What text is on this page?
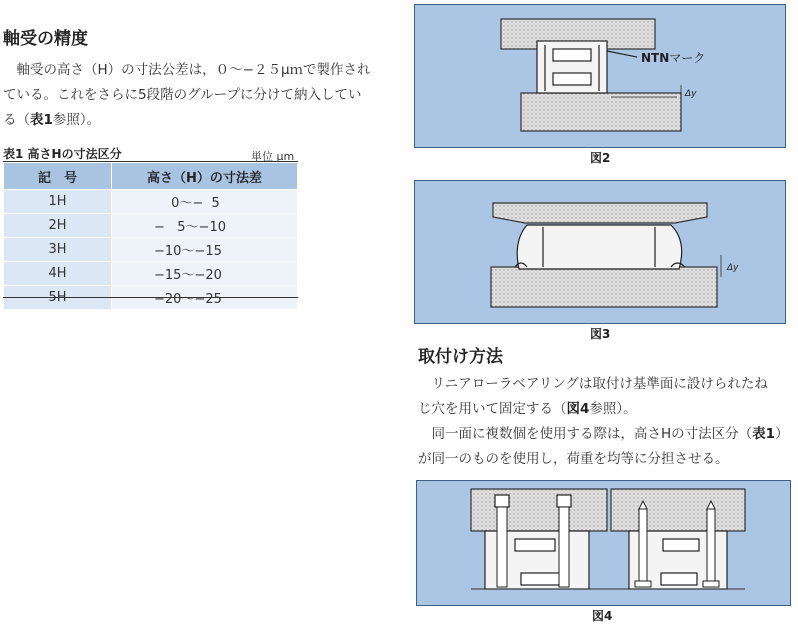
軸受の精度
　軸受の高さ（H）の寸法公差は，０〜−２５μｍで製作され
ている。これをさらに5段階のグループに分けて納入してい
る（表1参照）。
表1 高さHの寸法区分	単位 μm
記　号	高さ（H）の寸法差
1H	　 0〜−  5
2H	−   5〜−10
3H	−10〜−15
4H	−15〜−20
5H	−20〜−25
NTNマーク
Δy
図2
Δy
図3
取付け方法
　リニアローラベアリングは取付け基準面に設けられたね
じ穴を用いて固定する（図4参照）。
　同一面に複数個を使用する際は，高さHの寸法区分（表1）
が同一のものを使用し，荷重を均等に分担させる。
図4
